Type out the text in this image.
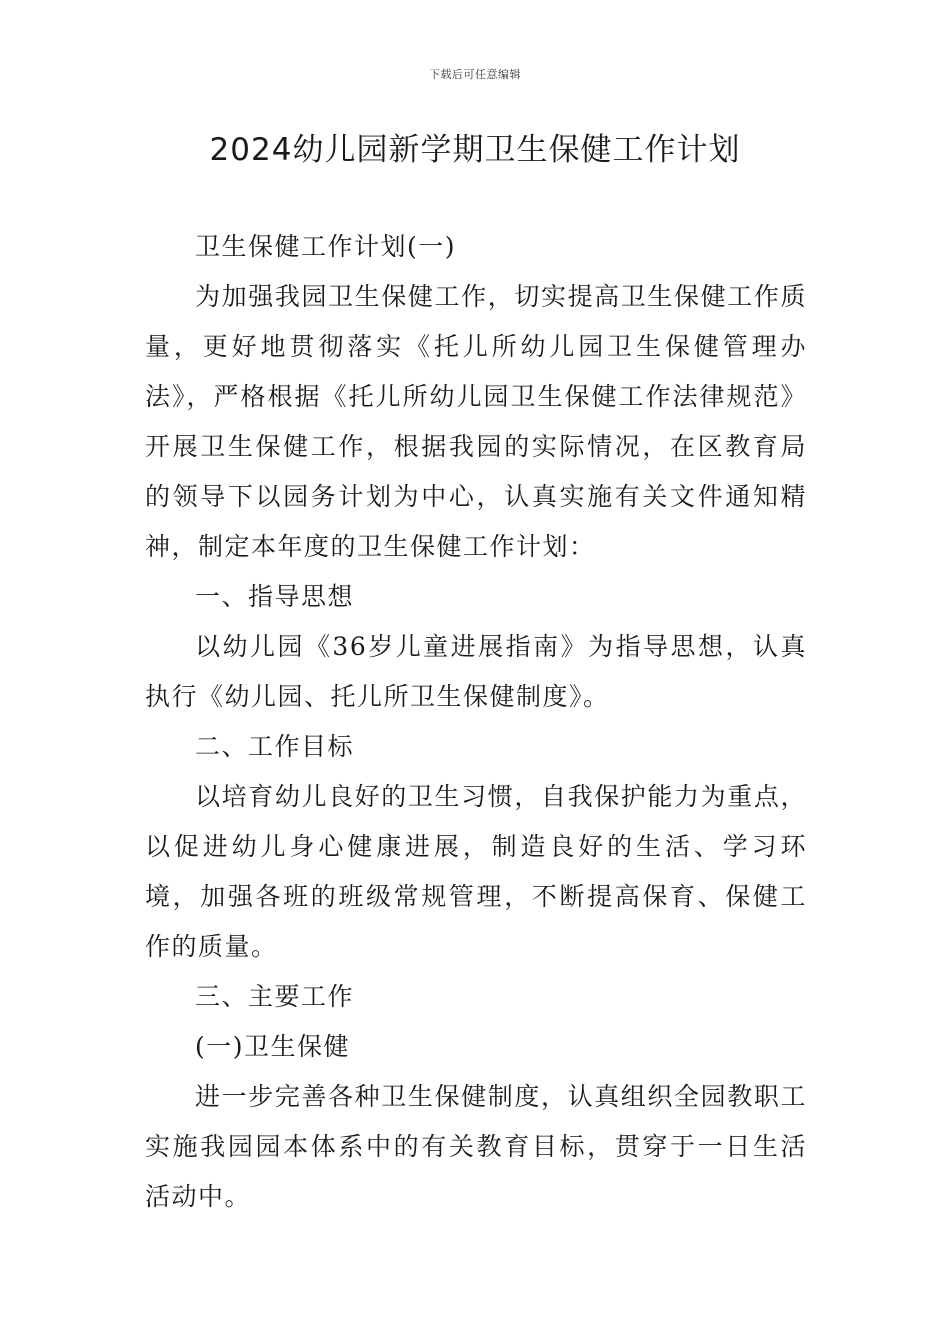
下载后可任意编辑
2024幼儿园新学期卫生保健工作计划

卫生保健工作计划(一)

为加强我园卫生保健工作，切实提高卫生保健工作质量，更好地贯彻落实《托儿所幼儿园卫生保健管理办法》，严格根据《托儿所幼儿园卫生保健工作法律规范》开展卫生保健工作，根据我园的实际情况，在区教育局的领导下以园务计划为中心，认真实施有关文件通知精神，制定本年度的卫生保健工作计划：

一、指导思想

以幼儿园《36岁儿童进展指南》为指导思想，认真执行《幼儿园、托儿所卫生保健制度》。

二、工作目标

以培育幼儿良好的卫生习惯，自我保护能力为重点，以促进幼儿身心健康进展，制造良好的生活、学习环境，加强各班的班级常规管理，不断提高保育、保健工作的质量。

三、主要工作

(一)卫生保健

进一步完善各种卫生保健制度，认真组织全园教职工实施我园园本体系中的有关教育目标，贯穿于一日生活活动中。
